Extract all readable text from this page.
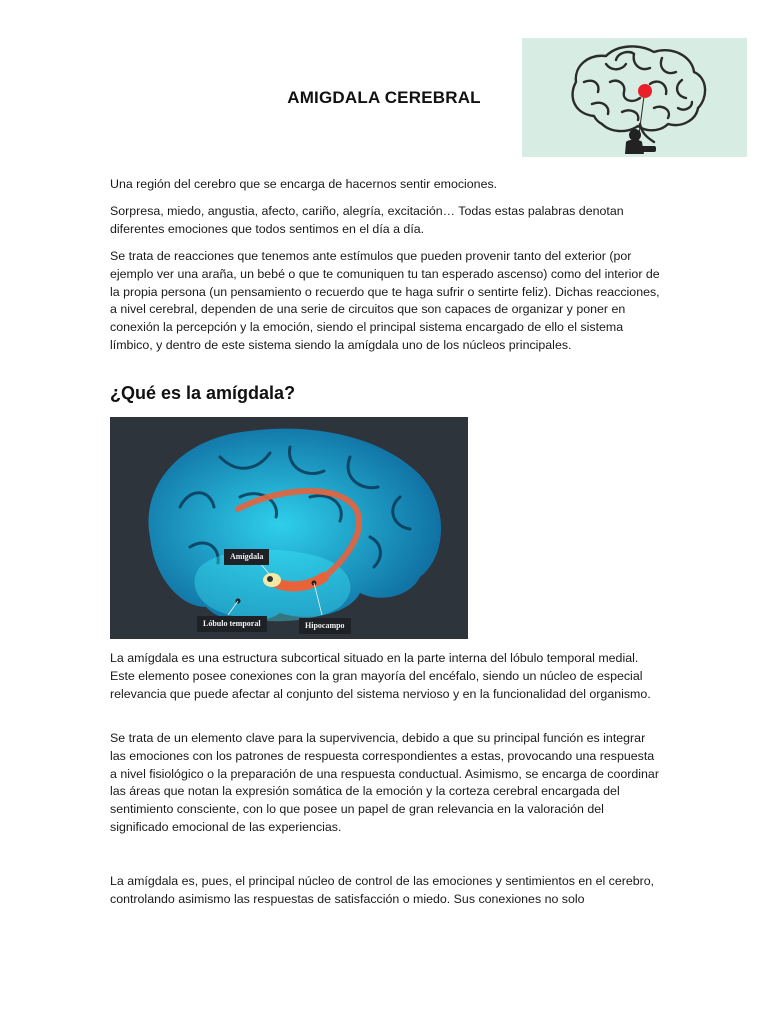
AMIGDALA CEREBRAL

Una región del cerebro que se encarga de hacernos sentir emociones.

Sorpresa, miedo, angustia, afecto, cariño, alegría, excitación… Todas estas palabras denotan diferentes emociones que todos sentimos en el día a día.

Se trata de reacciones que tenemos ante estímulos que pueden provenir tanto del exterior (por ejemplo ver una araña, un bebé o que te comuniquen tu tan esperado ascenso) como del interior de la propia persona (un pensamiento o recuerdo que te haga sufrir o sentirte feliz). Dichas reacciones, a nivel cerebral, dependen de una serie de circuitos que son capaces de organizar y poner en conexión la percepción y la emoción, siendo el principal sistema encargado de ello el sistema límbico, y dentro de este sistema siendo la amígdala uno de los núcleos principales.

¿Qué es la amígdala?
Amígdala
Lóbulo temporal	Hipocampo

La amígdala es una estructura subcortical situado en la parte interna del lóbulo temporal medial. Este elemento posee conexiones con la gran mayoría del encéfalo, siendo un núcleo de especial relevancia que puede afectar al conjunto del sistema nervioso y en la funcionalidad del organismo.

Se trata de un elemento clave para la supervivencia, debido a que su principal función es integrar las emociones con los patrones de respuesta correspondientes a estas, provocando una respuesta a nivel fisiológico o la preparación de una respuesta conductual. Asimismo, se encarga de coordinar las áreas que notan la expresión somática de la emoción y la corteza cerebral encargada del sentimiento consciente, con lo que posee un papel de gran relevancia en la valoración del significado emocional de las experiencias.

La amígdala es, pues, el principal núcleo de control de las emociones y sentimientos en el cerebro, controlando asimismo las respuestas de satisfacción o miedo. Sus conexiones no solo
